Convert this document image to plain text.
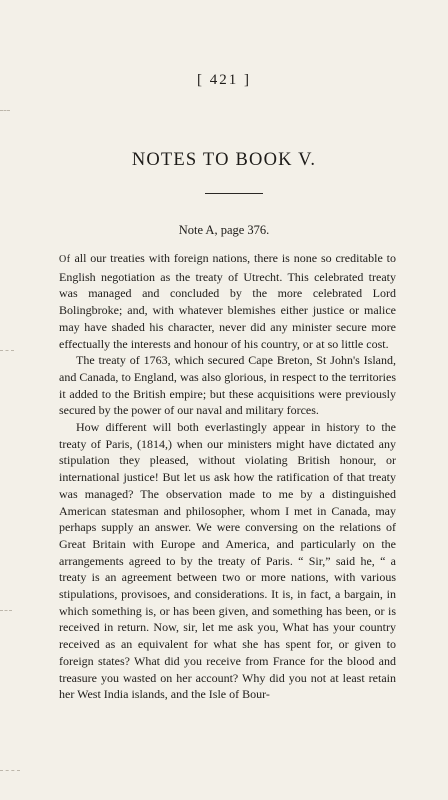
[ 421 ]
NOTES TO BOOK V.
Note A, page 376.

Of all our treaties with foreign nations, there is none so creditable to English negotiation as the treaty of Utrecht. This celebrated treaty was managed and concluded by the more celebrated Lord Bolingbroke; and, with whatever blemishes either justice or malice may have shaded his character, never did any minister secure more effectually the interests and honour of his country, or at so little cost.

The treaty of 1763, which secured Cape Breton, St John's Island, and Canada, to England, was also glorious, in respect to the territories it added to the British empire; but these acquisitions were previously secured by the power of our naval and military forces.

How different will both everlastingly appear in history to the treaty of Paris, (1814,) when our ministers might have dictated any stipulation they pleased, without violating British honour, or international justice! But let us ask how the ratification of that treaty was managed? The observation made to me by a distinguished American statesman and philosopher, whom I met in Canada, may perhaps supply an answer. We were conversing on the relations of Great Britain with Europe and America, and particularly on the arrangements agreed to by the treaty of Paris. “ Sir,” said he, “ a treaty is an agreement between two or more nations, with various stipulations, provisoes, and considerations. It is, in fact, a bargain, in which something is, or has been given, and something has been, or is received in return. Now, sir, let me ask you, What has your country received as an equivalent for what she has spent for, or given to foreign states? What did you receive from France for the blood and treasure you wasted on her account? Why did you not at least retain her West India islands, and the Isle of Bour-
